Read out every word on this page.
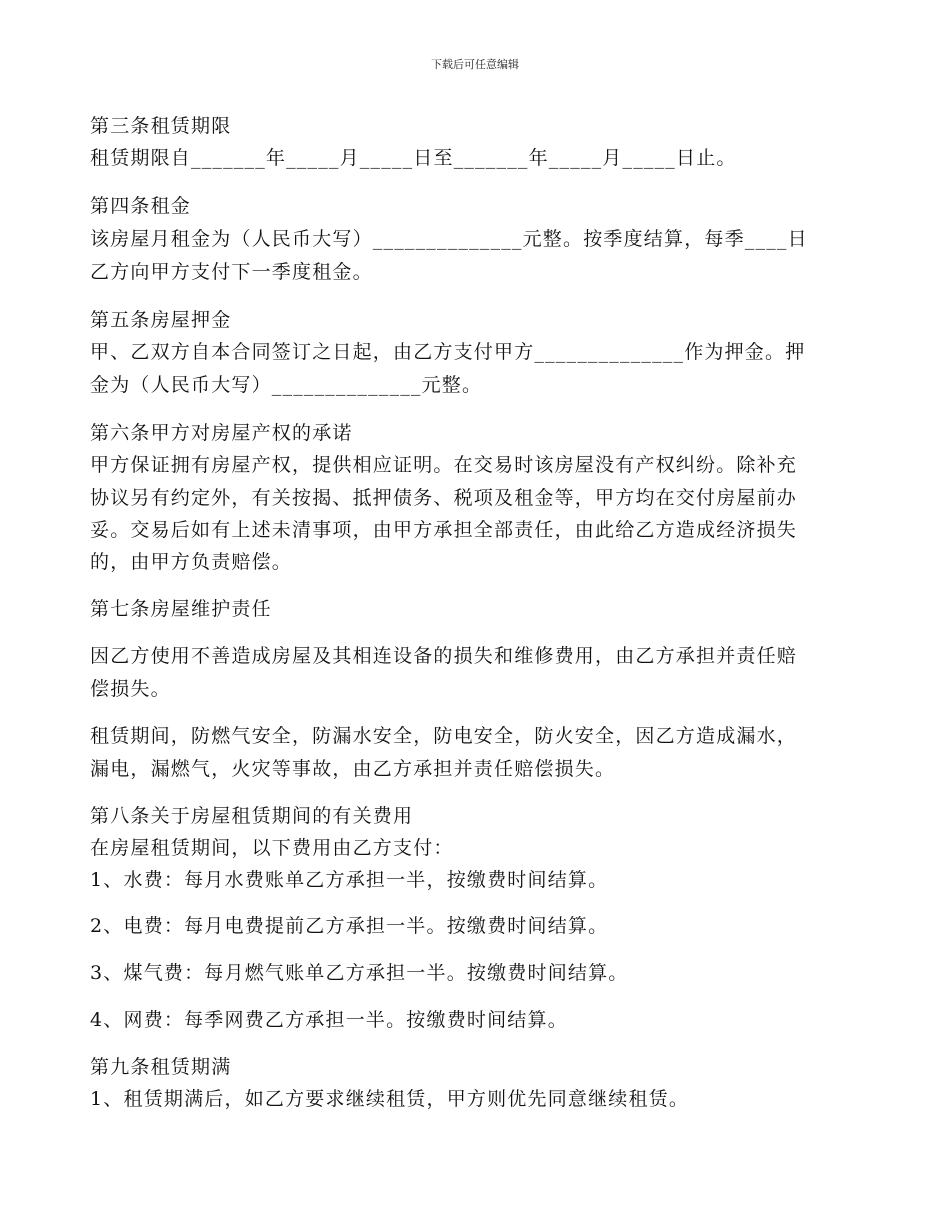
下载后可任意编辑
第三条租赁期限
租赁期限自_______年_____月_____日至_______年_____月_____日止。
第四条租金
该房屋月租金为（人民币大写）______________元整。按季度结算，每季____日
乙方向甲方支付下一季度租金。
第五条房屋押金
甲、乙双方自本合同签订之日起，由乙方支付甲方______________作为押金。押
金为（人民币大写）______________元整。
第六条甲方对房屋产权的承诺
甲方保证拥有房屋产权，提供相应证明。在交易时该房屋没有产权纠纷。除补充
协议另有约定外，有关按揭、抵押债务、税项及租金等，甲方均在交付房屋前办
妥。交易后如有上述未清事项，由甲方承担全部责任，由此给乙方造成经济损失
的，由甲方负责赔偿。
第七条房屋维护责任
因乙方使用不善造成房屋及其相连设备的损失和维修费用，由乙方承担并责任赔
偿损失。
租赁期间，防燃气安全，防漏水安全，防电安全，防火安全，因乙方造成漏水，
漏电，漏燃气，火灾等事故，由乙方承担并责任赔偿损失。
第八条关于房屋租赁期间的有关费用
在房屋租赁期间，以下费用由乙方支付：
1、水费：每月水费账单乙方承担一半，按缴费时间结算。
2、电费：每月电费提前乙方承担一半。按缴费时间结算。
3、煤气费：每月燃气账单乙方承担一半。按缴费时间结算。
4、网费：每季网费乙方承担一半。按缴费时间结算。
第九条租赁期满
1、租赁期满后，如乙方要求继续租赁，甲方则优先同意继续租赁。
